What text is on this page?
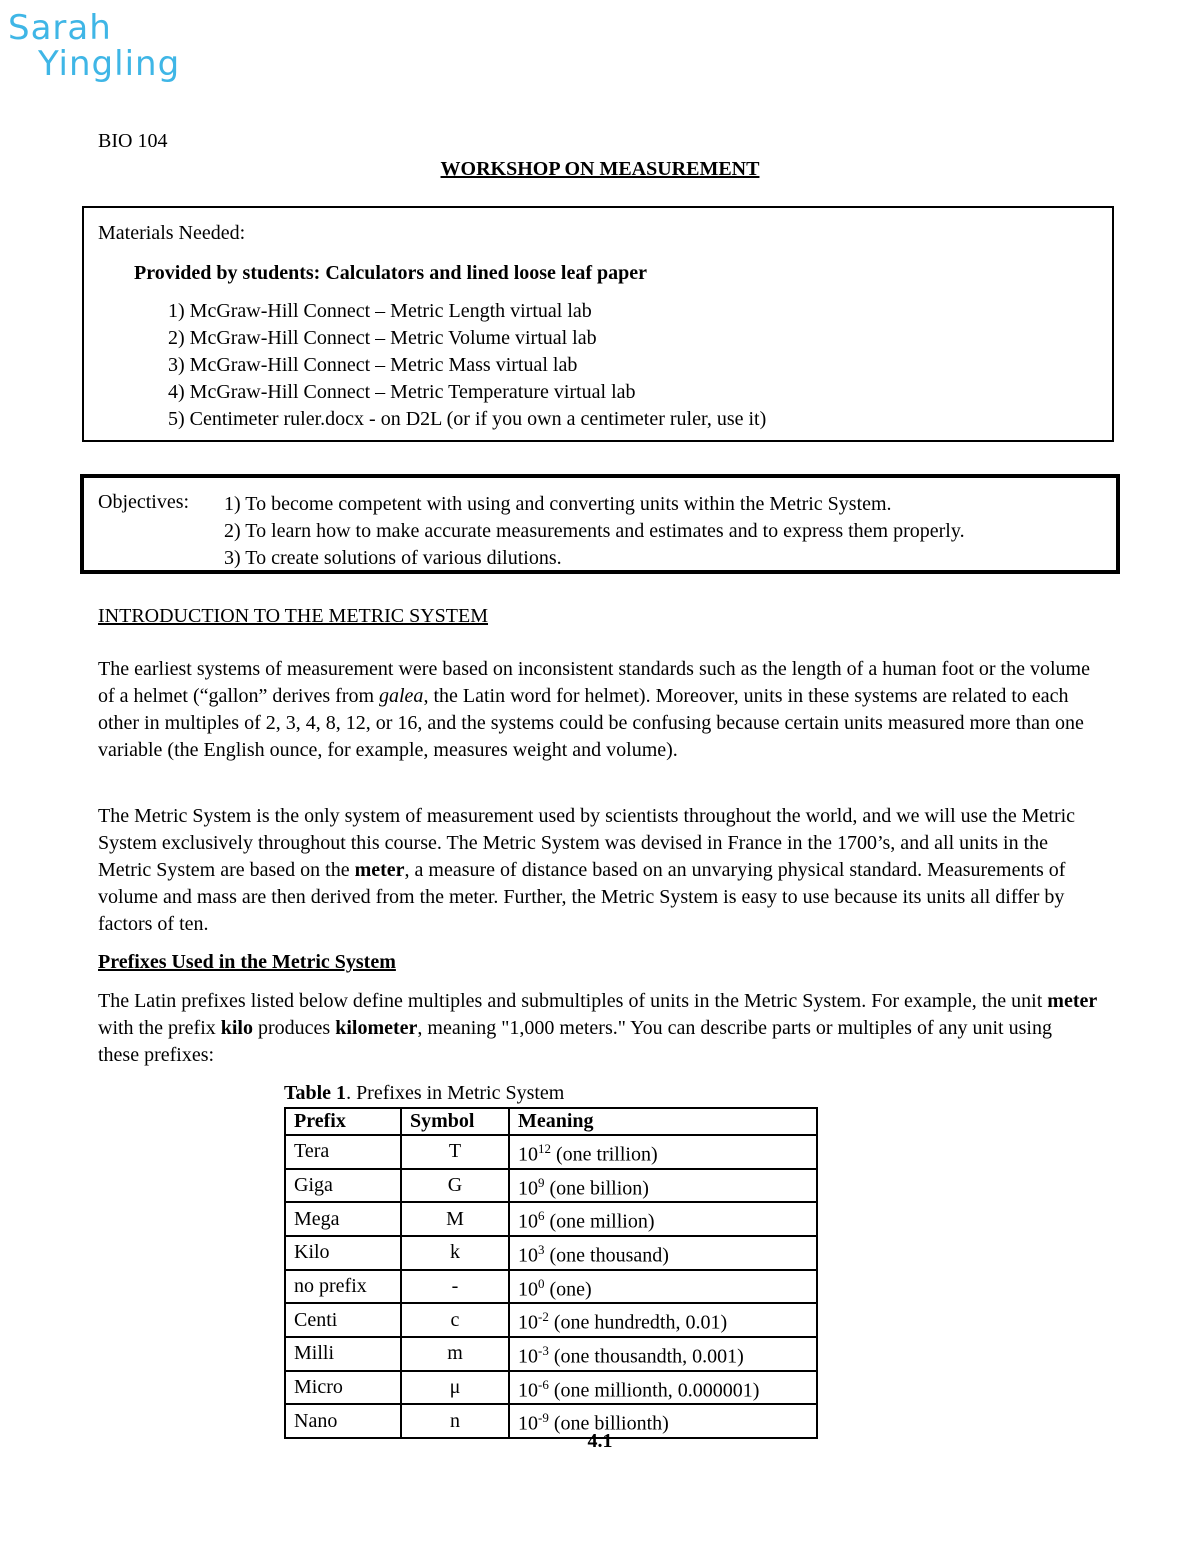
Sarah
Yingling
BIO 104
WORKSHOP ON MEASUREMENT
Materials Needed:
Provided by students: Calculators and lined loose leaf paper
1) McGraw-Hill Connect – Metric Length virtual lab
2) McGraw-Hill Connect – Metric Volume virtual lab
3) McGraw-Hill Connect – Metric Mass virtual lab
4) McGraw-Hill Connect – Metric Temperature virtual lab
5) Centimeter ruler.docx - on D2L (or if you own a centimeter ruler, use it)
Objectives: 1) To become competent with using and converting units within the Metric System.
2) To learn how to make accurate measurements and estimates and to express them properly.
3) To create solutions of various dilutions.
INTRODUCTION TO THE METRIC SYSTEM

The earliest systems of measurement were based on inconsistent standards such as the length of a human foot or the volume of a helmet (“gallon” derives from galea, the Latin word for helmet). Moreover, units in these systems are related to each other in multiples of 2, 3, 4, 8, 12, or 16, and the systems could be confusing because certain units measured more than one variable (the English ounce, for example, measures weight and volume).

The Metric System is the only system of measurement used by scientists throughout the world, and we will use the Metric System exclusively throughout this course. The Metric System was devised in France in the 1700’s, and all units in the Metric System are based on the meter, a measure of distance based on an unvarying physical standard. Measurements of volume and mass are then derived from the meter. Further, the Metric System is easy to use because its units all differ by factors of ten.

Prefixes Used in the Metric System

The Latin prefixes listed below define multiples and submultiples of units in the Metric System. For example, the unit meter with the prefix kilo produces kilometer, meaning "1,000 meters." You can describe parts or multiples of any unit using these prefixes:

Table 1. Prefixes in Metric System
Prefix	Symbol	Meaning
Tera	T	$10^{12}$ (one trillion)
Giga	G	$10^9$ (one billion)
Mega	M	$10^6$ (one million)
Kilo	k	$10^3$ (one thousand)
no prefix	-	$10^0$ (one)
Centi	c	$10^{-2}$ (one hundredth, 0.01)
Milli	m	$10^{-3}$ (one thousandth, 0.001)
Micro	μ	$10^{-6}$ (one millionth, 0.000001)
Nano	n	$10^{-9}$ (one billionth)
4.1
